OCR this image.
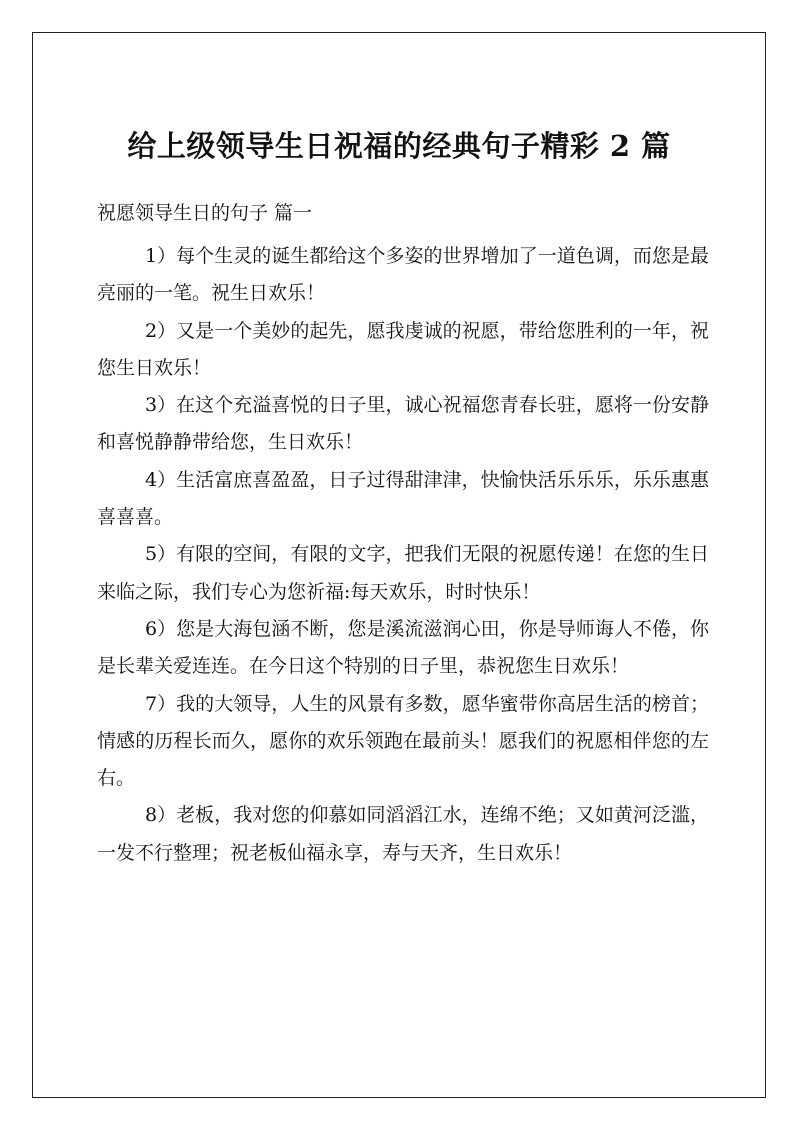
给上级领导生日祝福的经典句子精彩 2 篇

祝愿领导生日的句子 篇一

1）每个生灵的诞生都给这个多姿的世界增加了一道色调，而您是最亮丽的一笔。祝生日欢乐！

2）又是一个美妙的起先，愿我虔诚的祝愿，带给您胜利的一年，祝您生日欢乐！

3）在这个充溢喜悦的日子里，诚心祝福您青春长驻，愿将一份安静和喜悦静静带给您，生日欢乐！

4）生活富庶喜盈盈，日子过得甜津津，快愉快活乐乐乐，乐乐惠惠喜喜喜。

5）有限的空间，有限的文字，把我们无限的祝愿传递！在您的生日来临之际，我们专心为您祈福:每天欢乐，时时快乐！

6）您是大海包涵不断，您是溪流滋润心田，你是导师诲人不倦，你是长辈关爱连连。在今日这个特别的日子里，恭祝您生日欢乐！

7）我的大领导，人生的风景有多数，愿华蜜带你高居生活的榜首；情感的历程长而久，愿你的欢乐领跑在最前头！愿我们的祝愿相伴您的左右。

8）老板，我对您的仰慕如同滔滔江水，连绵不绝；又如黄河泛滥，一发不行整理；祝老板仙福永享，寿与天齐，生日欢乐！
